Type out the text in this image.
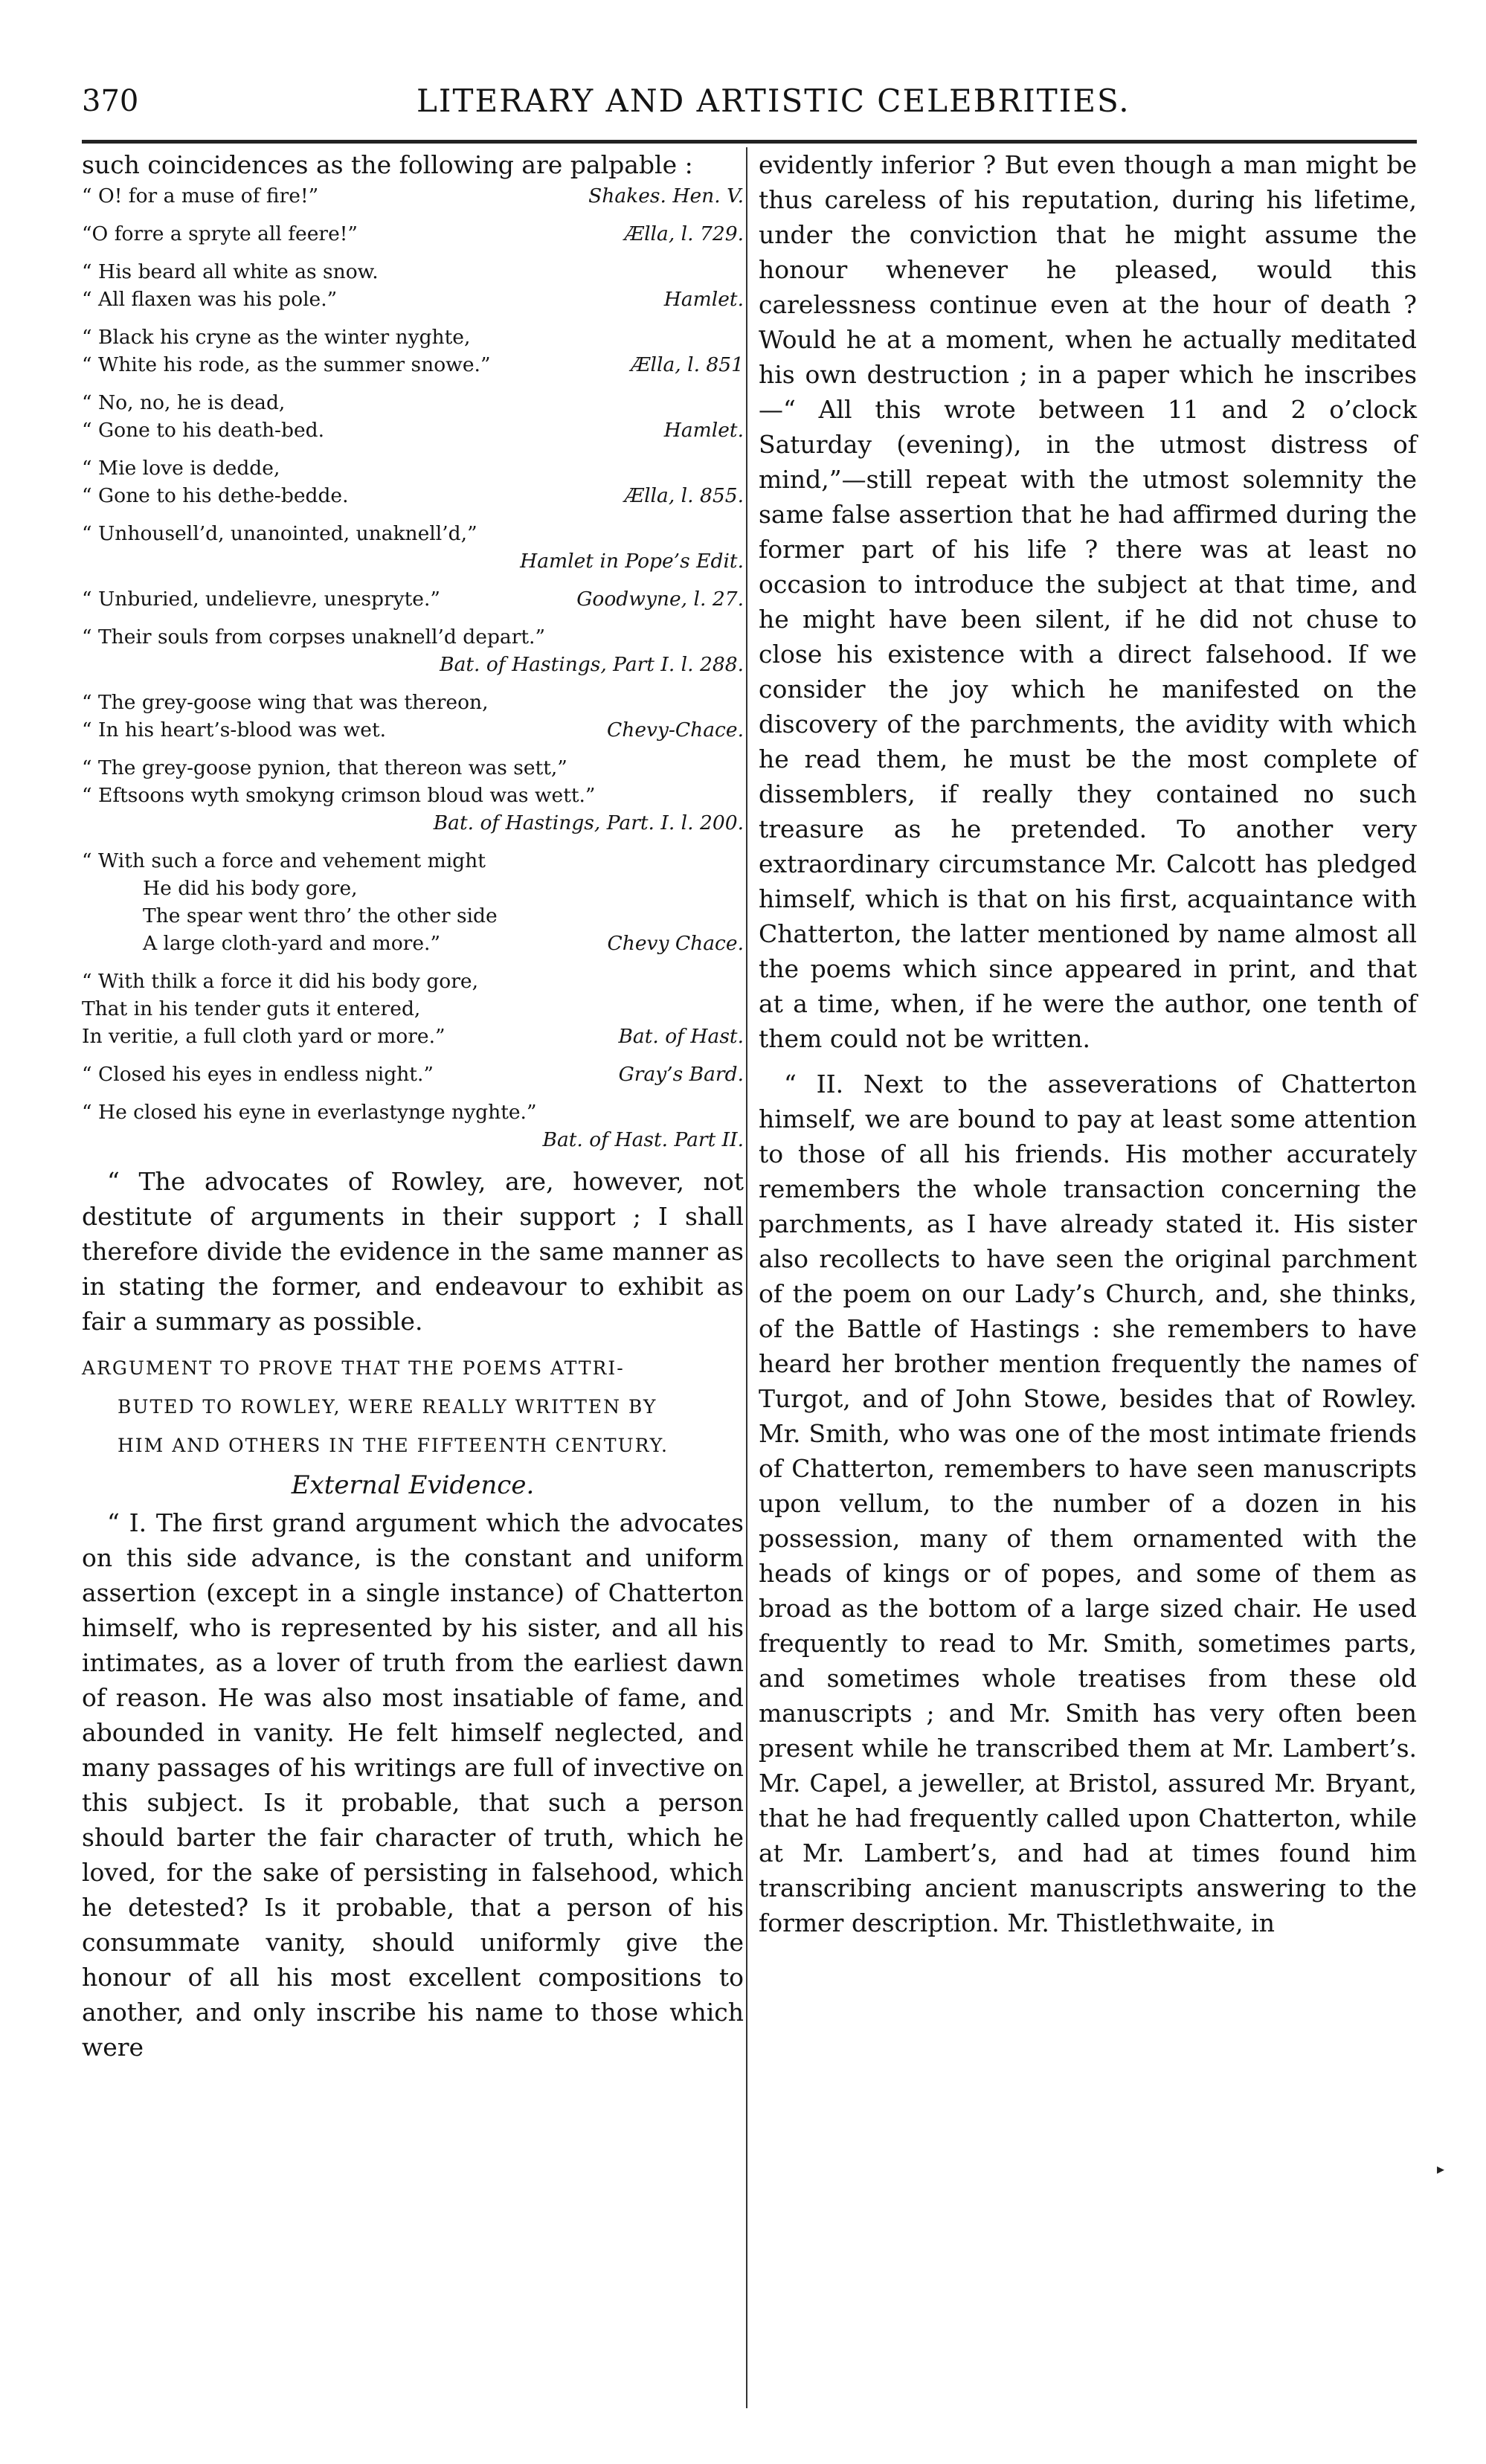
370	LITERARY AND ARTISTIC CELEBRITIES.

such coincidences as the following are palpable :

“ O! for a muse of fire!”	Shakes. Hen. V.
“O forre a spryte all feere!”	Ælla, l. 729.
“ His beard all white as snow.
“ All flaxen was his pole.”	Hamlet.
“ Black his cryne as the winter nyghte,
“ White his rode, as the summer snowe.”	Ælla, l. 851
“ No, no, he is dead,
“ Gone to his death-bed.	Hamlet.
“ Mie love is dedde,
“ Gone to his dethe-bedde.	Ælla, l. 855.
“ Unhousell’d, unanointed, unaknell’d,”
Hamlet in Pope’s Edit.
“ Unburied, undelievre, unespryte.”	Goodwyne, l. 27.
“ Their souls from corpses unaknell’d depart.”
Bat. of Hastings, Part I. l. 288.
“ The grey-goose wing that was thereon,
“ In his heart’s-blood was wet.	Chevy-Chace.
“ The grey-goose pynion, that thereon was sett,”
“ Eftsoons wyth smokyng crimson bloud was wett.”
Bat. of Hastings, Part. I. l. 200.
“ With such a force and vehement might
He did his body gore,
The spear went thro’ the other side
A large cloth-yard and more.”	Chevy Chace.
“ With thilk a force it did his body gore,
That in his tender guts it entered,
In veritie, a full cloth yard or more.”	Bat. of Hast.
“ Closed his eyes in endless night.”	Gray’s Bard.
“ He closed his eyne in everlastynge nyghte.”
Bat. of Hast. Part II.

“ The advocates of Rowley, are, however, not destitute of arguments in their support ; I shall therefore divide the evidence in the same manner as in stating the former, and endeavour to exhibit as fair a summary as possible.

ARGUMENT TO PROVE THAT THE POEMS ATTRI-
BUTED TO ROWLEY, WERE REALLY WRITTEN BY
HIM AND OTHERS IN THE FIFTEENTH CENTURY.

External Evidence.

“ I. The first grand argument which the advocates on this side advance, is the constant and uniform assertion (except in a single instance) of Chatterton himself, who is represented by his sister, and all his intimates, as a lover of truth from the earliest dawn of reason. He was also most insatiable of fame, and abounded in vanity. He felt himself neglected, and many passages of his writings are full of invective on this subject. Is it probable, that such a person should barter the fair character of truth, which he loved, for the sake of persisting in falsehood, which he detested? Is it probable, that a person of his consummate vanity, should uniformly give the honour of all his most excellent compositions to another, and only inscribe his name to those which were

evidently inferior ? But even though a man might be thus careless of his reputation, during his lifetime, under the conviction that he might assume the honour whenever he pleased, would this carelessness continue even at the hour of death ? Would he at a moment, when he actually meditated his own destruction ; in a paper which he inscribes—“ All this wrote between 11 and 2 o’clock Saturday (evening), in the utmost distress of mind,”—still repeat with the utmost solemnity the same false assertion that he had affirmed during the former part of his life ? there was at least no occasion to introduce the subject at that time, and he might have been silent, if he did not chuse to close his existence with a direct falsehood. If we consider the joy which he manifested on the discovery of the parchments, the avidity with which he read them, he must be the most complete of dissemblers, if really they contained no such treasure as he pretended. To another very extraordinary circumstance Mr. Calcott has pledged himself, which is that on his first, acquaintance with Chatterton, the latter mentioned by name almost all the poems which since appeared in print, and that at a time, when, if he were the author, one tenth of them could not be written.

“ II. Next to the asseverations of Chatterton himself, we are bound to pay at least some attention to those of all his friends. His mother accurately remembers the whole transaction concerning the parchments, as I have already stated it. His sister also recollects to have seen the original parchment of the poem on our Lady’s Church, and, she thinks, of the Battle of Hastings : she remembers to have heard her brother mention frequently the names of Turgot, and of John Stowe, besides that of Rowley. Mr. Smith, who was one of the most intimate friends of Chatterton, remembers to have seen manuscripts upon vellum, to the number of a dozen in his possession, many of them ornamented with the heads of kings or of popes, and some of them as broad as the bottom of a large sized chair. He used frequently to read to Mr. Smith, sometimes parts, and sometimes whole treatises from these old manuscripts ; and Mr. Smith has very often been present while he transcribed them at Mr. Lambert’s. Mr. Capel, a jeweller, at Bristol, assured Mr. Bryant, that he had frequently called upon Chatterton, while at Mr. Lambert’s, and had at times found him transcribing ancient manuscripts answering to the former description. Mr. Thistlethwaite, in

▸
